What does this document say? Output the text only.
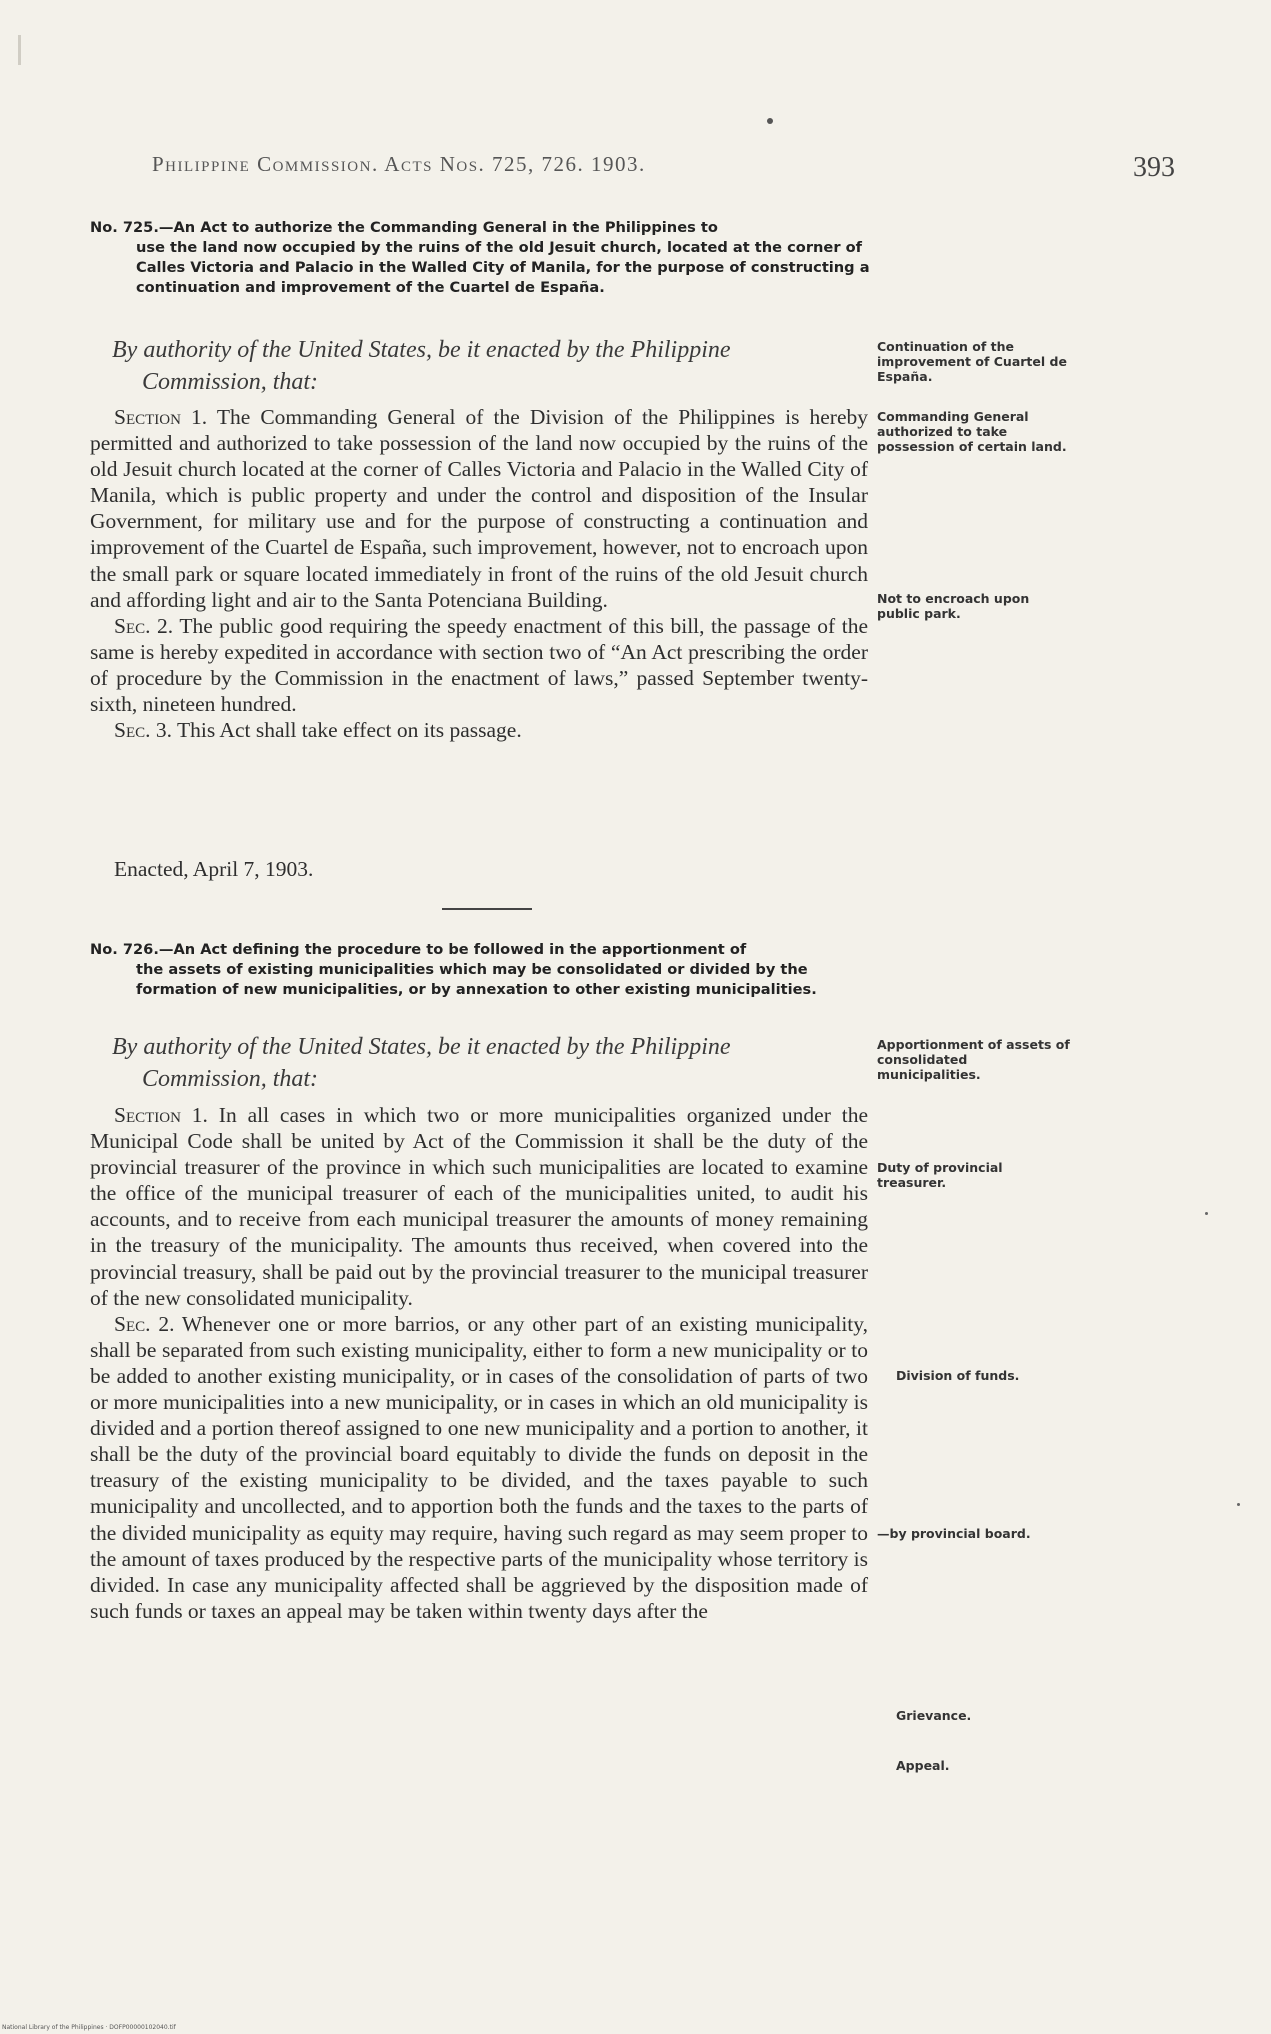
Philippine Commission. Acts Nos. 725, 726. 1903.	393
No. 725.—An Act to authorize the Commanding General in the Philippines to
use the land now occupied by the ruins of the old Jesuit church, located at the corner of Calles Victoria and Palacio in the Walled City of Manila, for the purpose of constructing a continuation and improvement of the Cuartel de España.
By authority of the United States, be it enacted by the Philippine
Commission, that:
Continuation of the improvement of Cuartel de España.
Commanding General authorized to take possession of certain land.
Not to encroach upon public park.

Section 1. The Commanding General of the Division of the Philippines is hereby permitted and authorized to take possession of the land now occupied by the ruins of the old Jesuit church located at the corner of Calles Victoria and Palacio in the Walled City of Manila, which is public property and under the control and disposition of the Insular Government, for military use and for the purpose of constructing a continuation and improvement of the Cuartel de España, such improvement, however, not to encroach upon the small park or square located immediately in front of the ruins of the old Jesuit church and affording light and air to the Santa Potenciana Building.

Sec. 2. The public good requiring the speedy enactment of this bill, the passage of the same is hereby expedited in accordance with section two of “An Act prescribing the order of procedure by the Commission in the enactment of laws,” passed September twenty-sixth, nineteen hundred.

Sec. 3. This Act shall take effect on its passage.

Enacted, April 7, 1903.
No. 726.—An Act defining the procedure to be followed in the apportionment of
the assets of existing municipalities which may be consolidated or divided by the formation of new municipalities, or by annexation to other existing municipalities.
By authority of the United States, be it enacted by the Philippine
Commission, that:
Apportionment of assets of consolidated municipalities.
Duty of provincial treasurer.
Division of funds.
—by provincial board.
Grievance.
Appeal.

Section 1. In all cases in which two or more municipalities organized under the Municipal Code shall be united by Act of the Commission it shall be the duty of the provincial treasurer of the province in which such municipalities are located to examine the office of the municipal treasurer of each of the municipalities united, to audit his accounts, and to receive from each municipal treasurer the amounts of money remaining in the treasury of the municipality. The amounts thus received, when covered into the provincial treasury, shall be paid out by the provincial treasurer to the municipal treasurer of the new consolidated municipality.

Sec. 2. Whenever one or more barrios, or any other part of an existing municipality, shall be separated from such existing municipality, either to form a new municipality or to be added to another existing municipality, or in cases of the consolidation of parts of two or more municipalities into a new municipality, or in cases in which an old municipality is divided and a portion thereof assigned to one new municipality and a portion to another, it shall be the duty of the provincial board equitably to divide the funds on deposit in the treasury of the existing municipality to be divided, and the taxes payable to such municipality and uncollected, and to apportion both the funds and the taxes to the parts of the divided municipality as equity may require, having such regard as may seem proper to the amount of taxes produced by the respective parts of the municipality whose territory is divided. In case any municipality affected shall be aggrieved by the disposition made of such funds or taxes an appeal may be taken within twenty days after the

National Library of the Philippines · DOFP00000102040.tif
